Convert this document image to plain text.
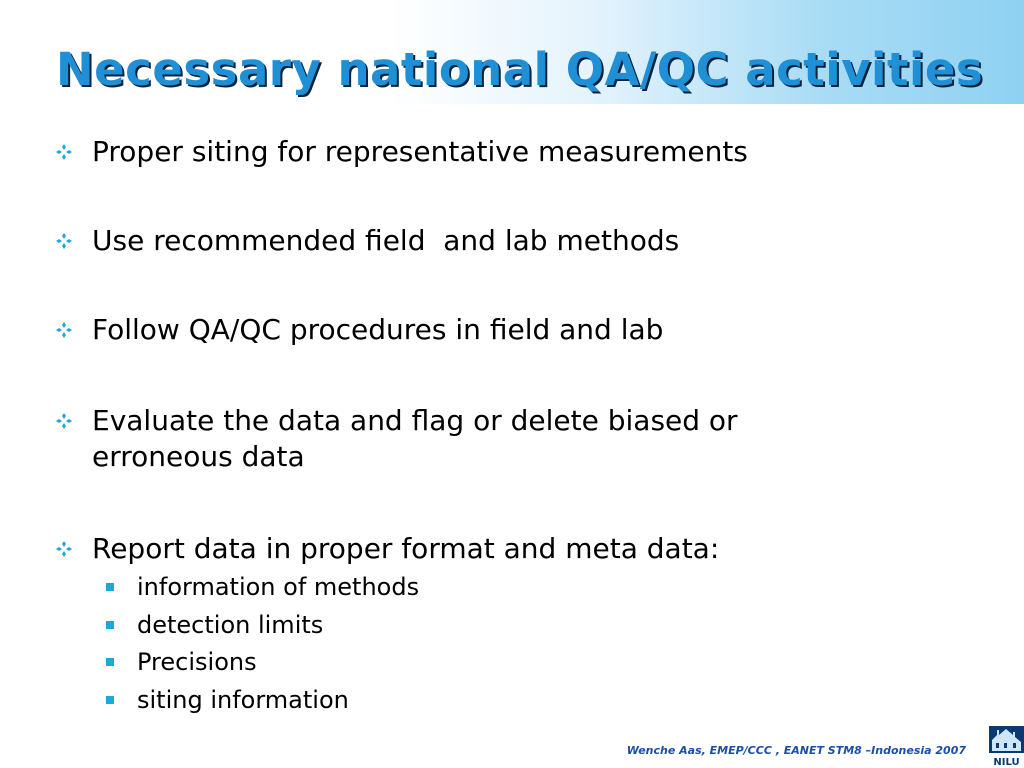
Necessary national QA/QC activities
Proper siting for representative measurements
Use recommended field  and lab methods
Follow QA/QC procedures in field and lab
Evaluate the data and flag or delete biased or erroneous data
Report data in proper format and meta data:
information of methods
detection limits
Precisions
siting information
Wenche Aas, EMEP/CCC , EANET STM8 –Indonesia 2007
NILU
